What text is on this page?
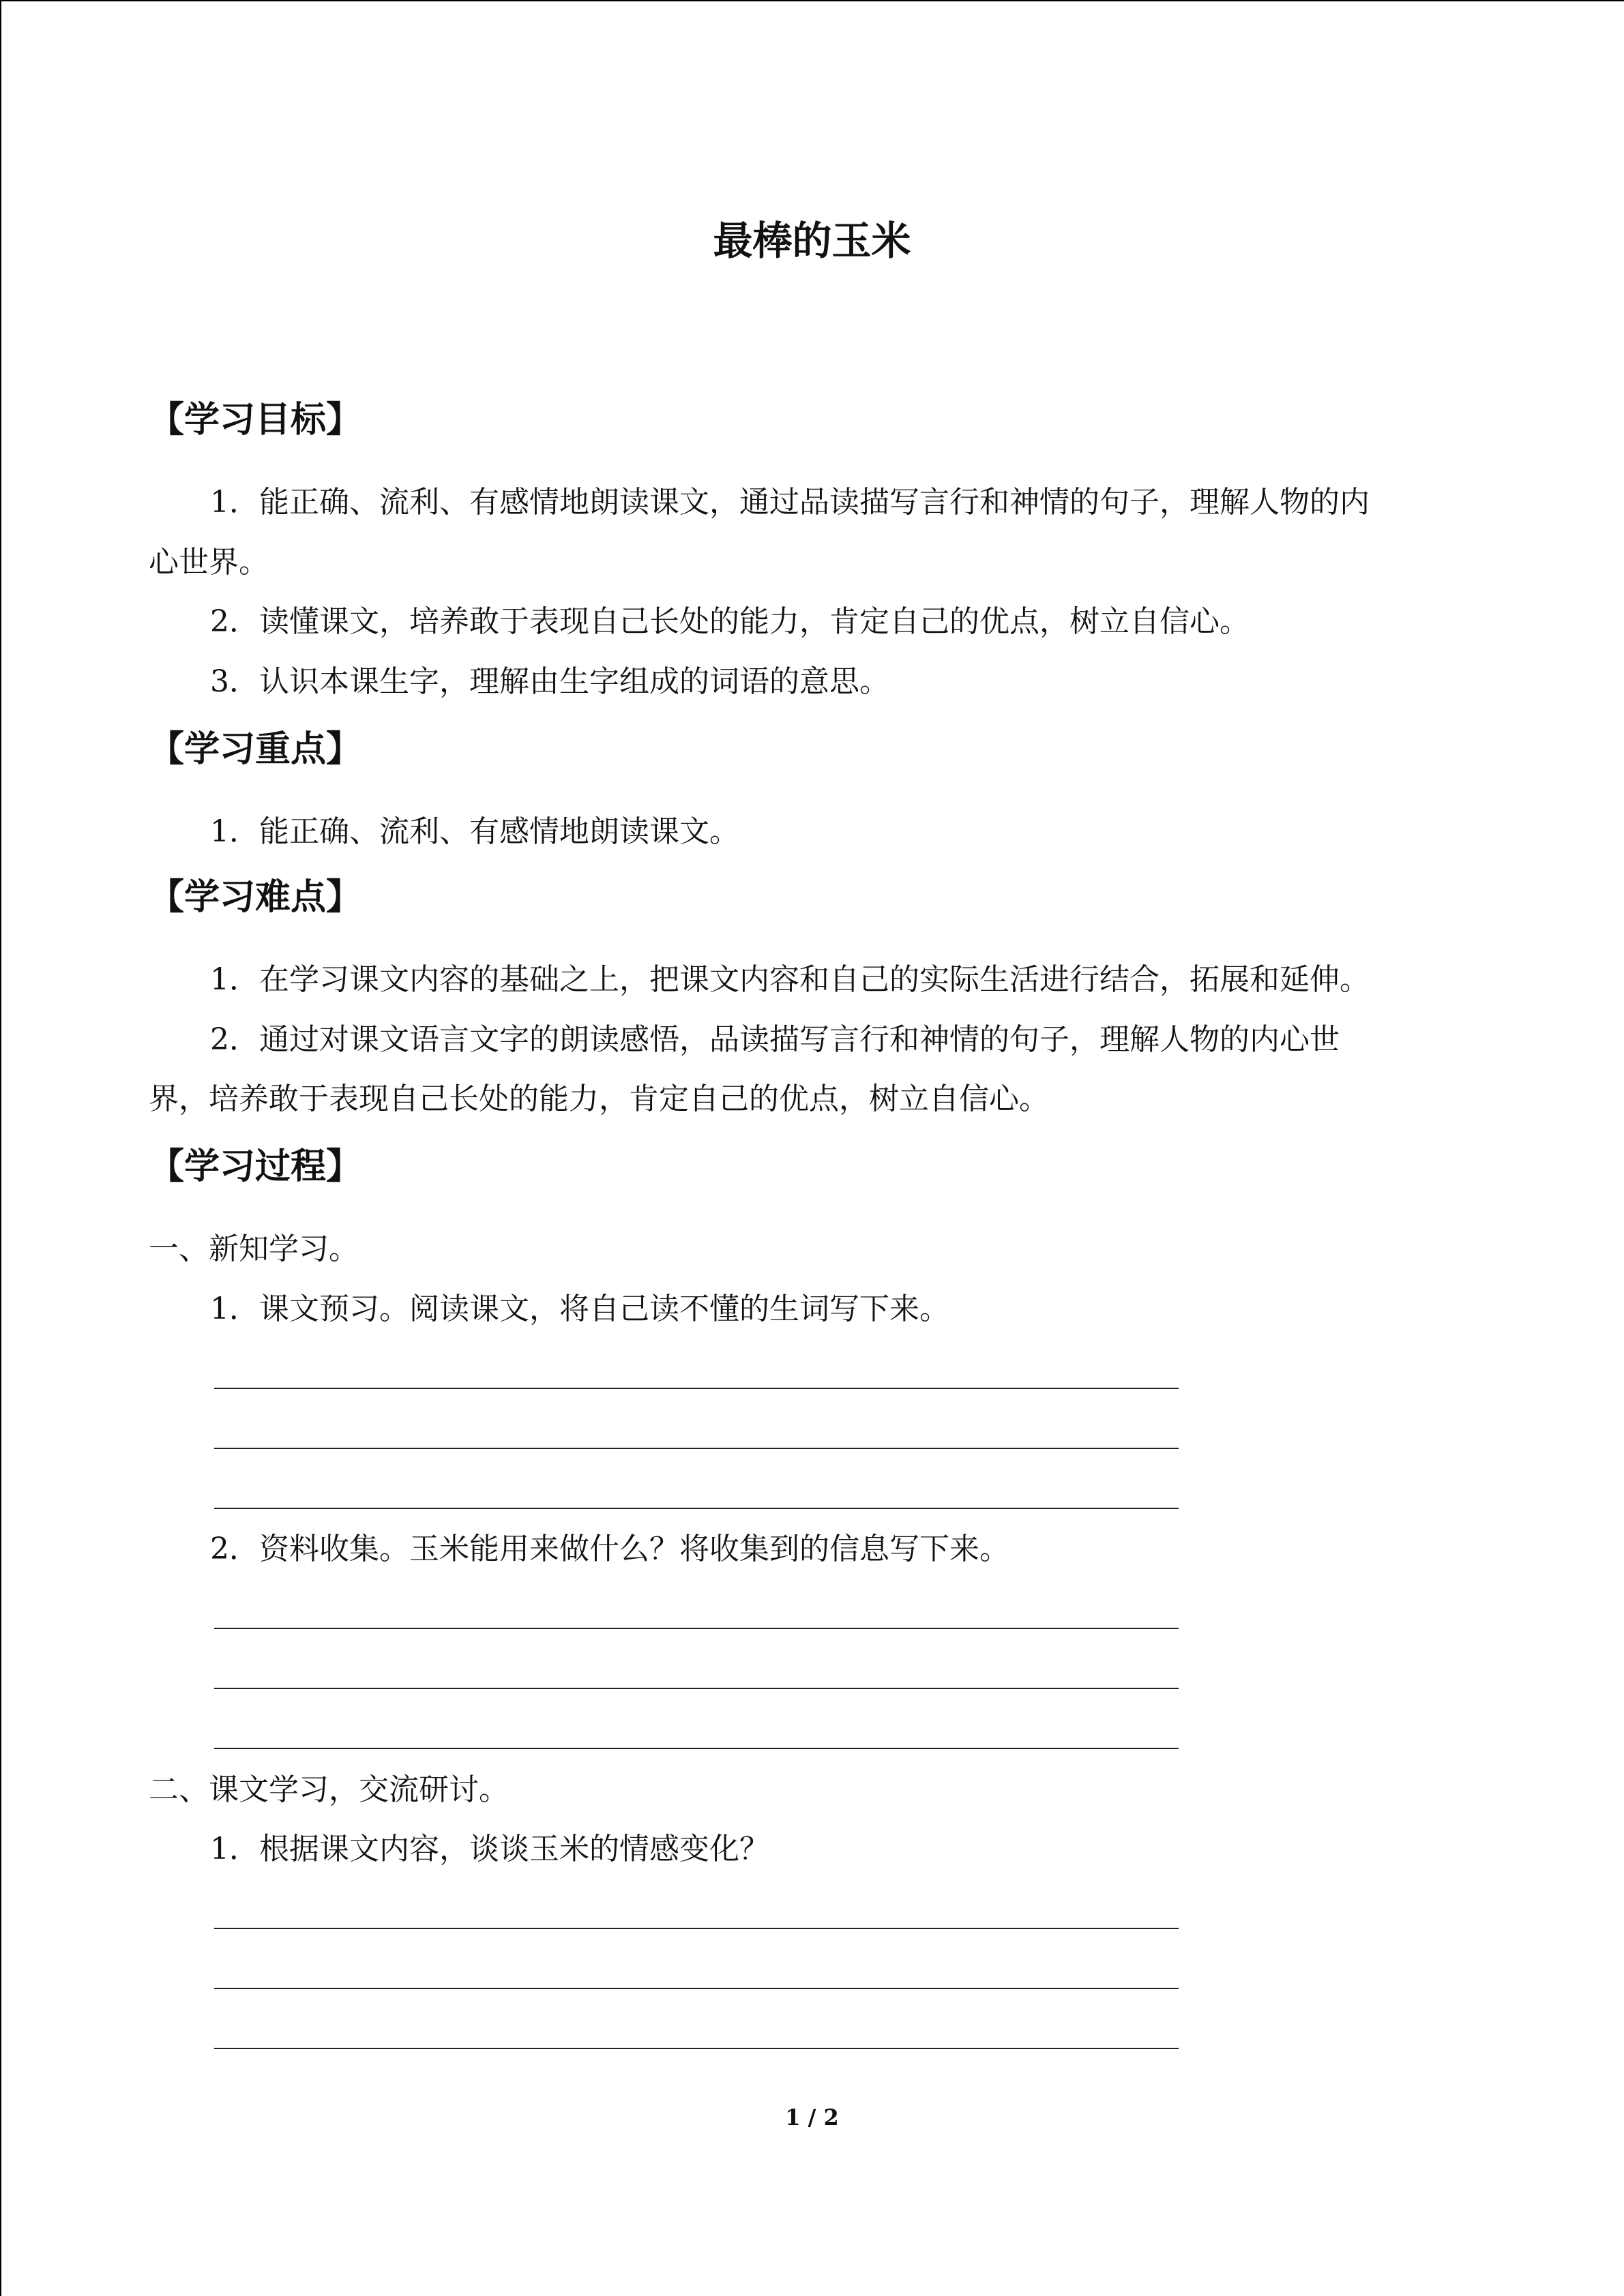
最棒的玉米
【学习目标】
1．能正确、流利、有感情地朗读课文，通过品读描写言行和神情的句子，理解人物的内
心世界。
2．读懂课文，培养敢于表现自己长处的能力，肯定自己的优点，树立自信心。
3．认识本课生字，理解由生字组成的词语的意思。
【学习重点】
1．能正确、流利、有感情地朗读课文。
【学习难点】
1．在学习课文内容的基础之上，把课文内容和自己的实际生活进行结合，拓展和延伸。
2．通过对课文语言文字的朗读感悟，品读描写言行和神情的句子，理解人物的内心世
界，培养敢于表现自己长处的能力，肯定自己的优点，树立自信心。
【学习过程】
一、新知学习。
1．课文预习。阅读课文，将自己读不懂的生词写下来。
2．资料收集。玉米能用来做什么？将收集到的信息写下来。
二、课文学习，交流研讨。
1．根据课文内容，谈谈玉米的情感变化？
1 / 2
